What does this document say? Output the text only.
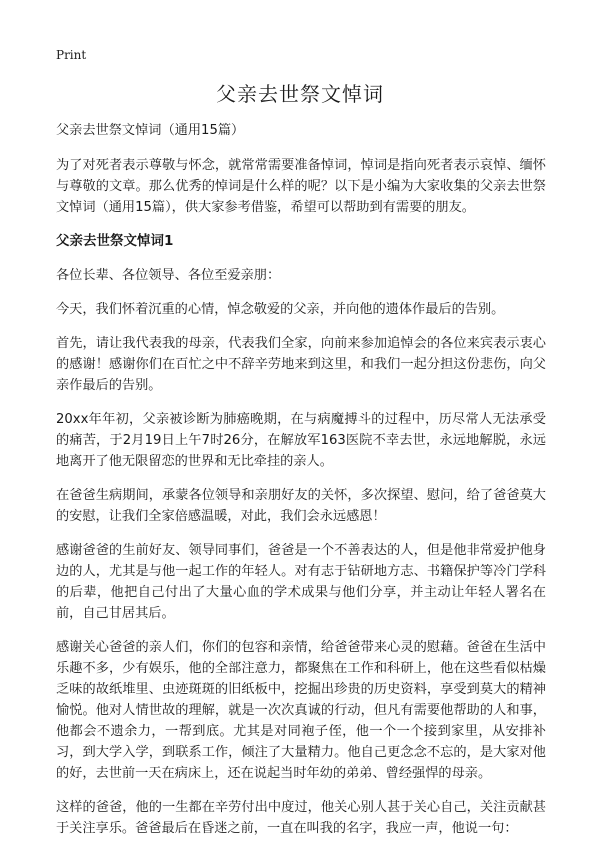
Print
父亲去世祭文悼词

父亲去世祭文悼词（通用15篇）

为了对死者表示尊敬与怀念，就常常需要准备悼词，悼词是指向死者表示哀悼、缅怀与尊敬的文章。那么优秀的悼词是什么样的呢？以下是小编为大家收集的父亲去世祭文悼词（通用15篇），供大家参考借鉴，希望可以帮助到有需要的朋友。

父亲去世祭文悼词1

各位长辈、各位领导、各位至爱亲朋：

今天，我们怀着沉重的心情，悼念敬爱的父亲，并向他的遗体作最后的告别。

首先，请让我代表我的母亲，代表我们全家，向前来参加追悼会的各位来宾表示衷心的感谢！感谢你们在百忙之中不辞辛劳地来到这里，和我们一起分担这份悲伤，向父亲作最后的告别。

20xx年年初，父亲被诊断为肺癌晚期，在与病魔搏斗的过程中，历尽常人无法承受的痛苦，于2月19日上午7时26分，在解放军163医院不幸去世，永远地解脱，永远地离开了他无限留恋的世界和无比牵挂的亲人。

在爸爸生病期间，承蒙各位领导和亲朋好友的关怀，多次探望、慰问，给了爸爸莫大的安慰，让我们全家倍感温暖，对此，我们会永远感恩！

感谢爸爸的生前好友、领导同事们，爸爸是一个不善表达的人，但是他非常爱护他身边的人，尤其是与他一起工作的年轻人。对有志于钻研地方志、书籍保护等冷门学科的后辈，他把自己付出了大量心血的学术成果与他们分享，并主动让年轻人署名在前，自己甘居其后。

感谢关心爸爸的亲人们，你们的包容和亲情，给爸爸带来心灵的慰藉。爸爸在生活中乐趣不多，少有娱乐，他的全部注意力，都聚焦在工作和科研上，他在这些看似枯燥乏味的故纸堆里、虫迹斑斑的旧纸板中，挖掘出珍贵的历史资料，享受到莫大的精神愉悦。他对人情世故的理解，就是一次次真诚的行动，但凡有需要他帮助的人和事，他都会不遗余力，一帮到底。尤其是对同袍子侄，他一个一个接到家里，从安排补习，到大学入学，到联系工作，倾注了大量精力。他自己更念念不忘的，是大家对他的好，去世前一天在病床上，还在说起当时年幼的弟弟、曾经强悍的母亲。

这样的爸爸，他的一生都在辛劳付出中度过，他关心别人甚于关心自己，关注贡献甚于关注享乐。爸爸最后在昏迷之前，一直在叫我的名字，我应一声，他说一句：
